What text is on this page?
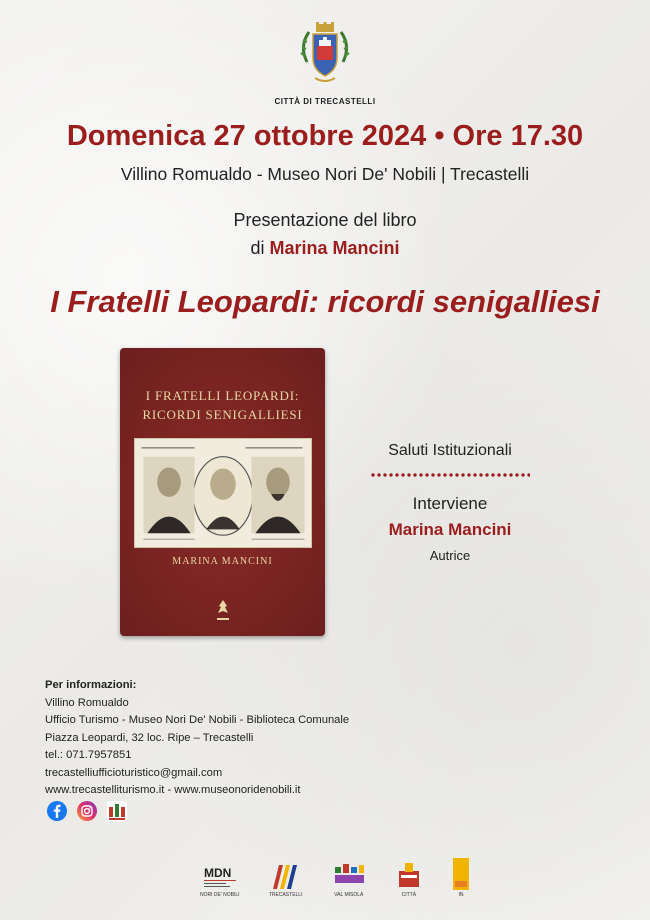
CITTÀ DI TRECASTELLI
Domenica 27 ottobre 2024 • Ore 17.30
Villino Romualdo - Museo Nori De' Nobili | Trecastelli
Presentazione del libro
di Marina Mancini
I Fratelli Leopardi: ricordi senigalliesi
I FRATELLI LEOPARDI:
RICORDI SENIGALLIESI
MARINA MANCINI
Saluti Istituzionali
Interviene
Marina Mancini
Autrice
Per informazioni:
Villino Romualdo
Ufficio Turismo - Museo Nori De' Nobili - Biblioteca Comunale
Piazza Leopardi, 32 loc. Ripe – Trecastelli
tel.: 071.7957851
trecastelliufficioturistico@gmail.com
www.trecastelliturismo.it - www.museonoridenobili.it
MDN
NORI DE' NOBILI	TRECASTELLI	VAL MISOLA	CITTÀ	IN
